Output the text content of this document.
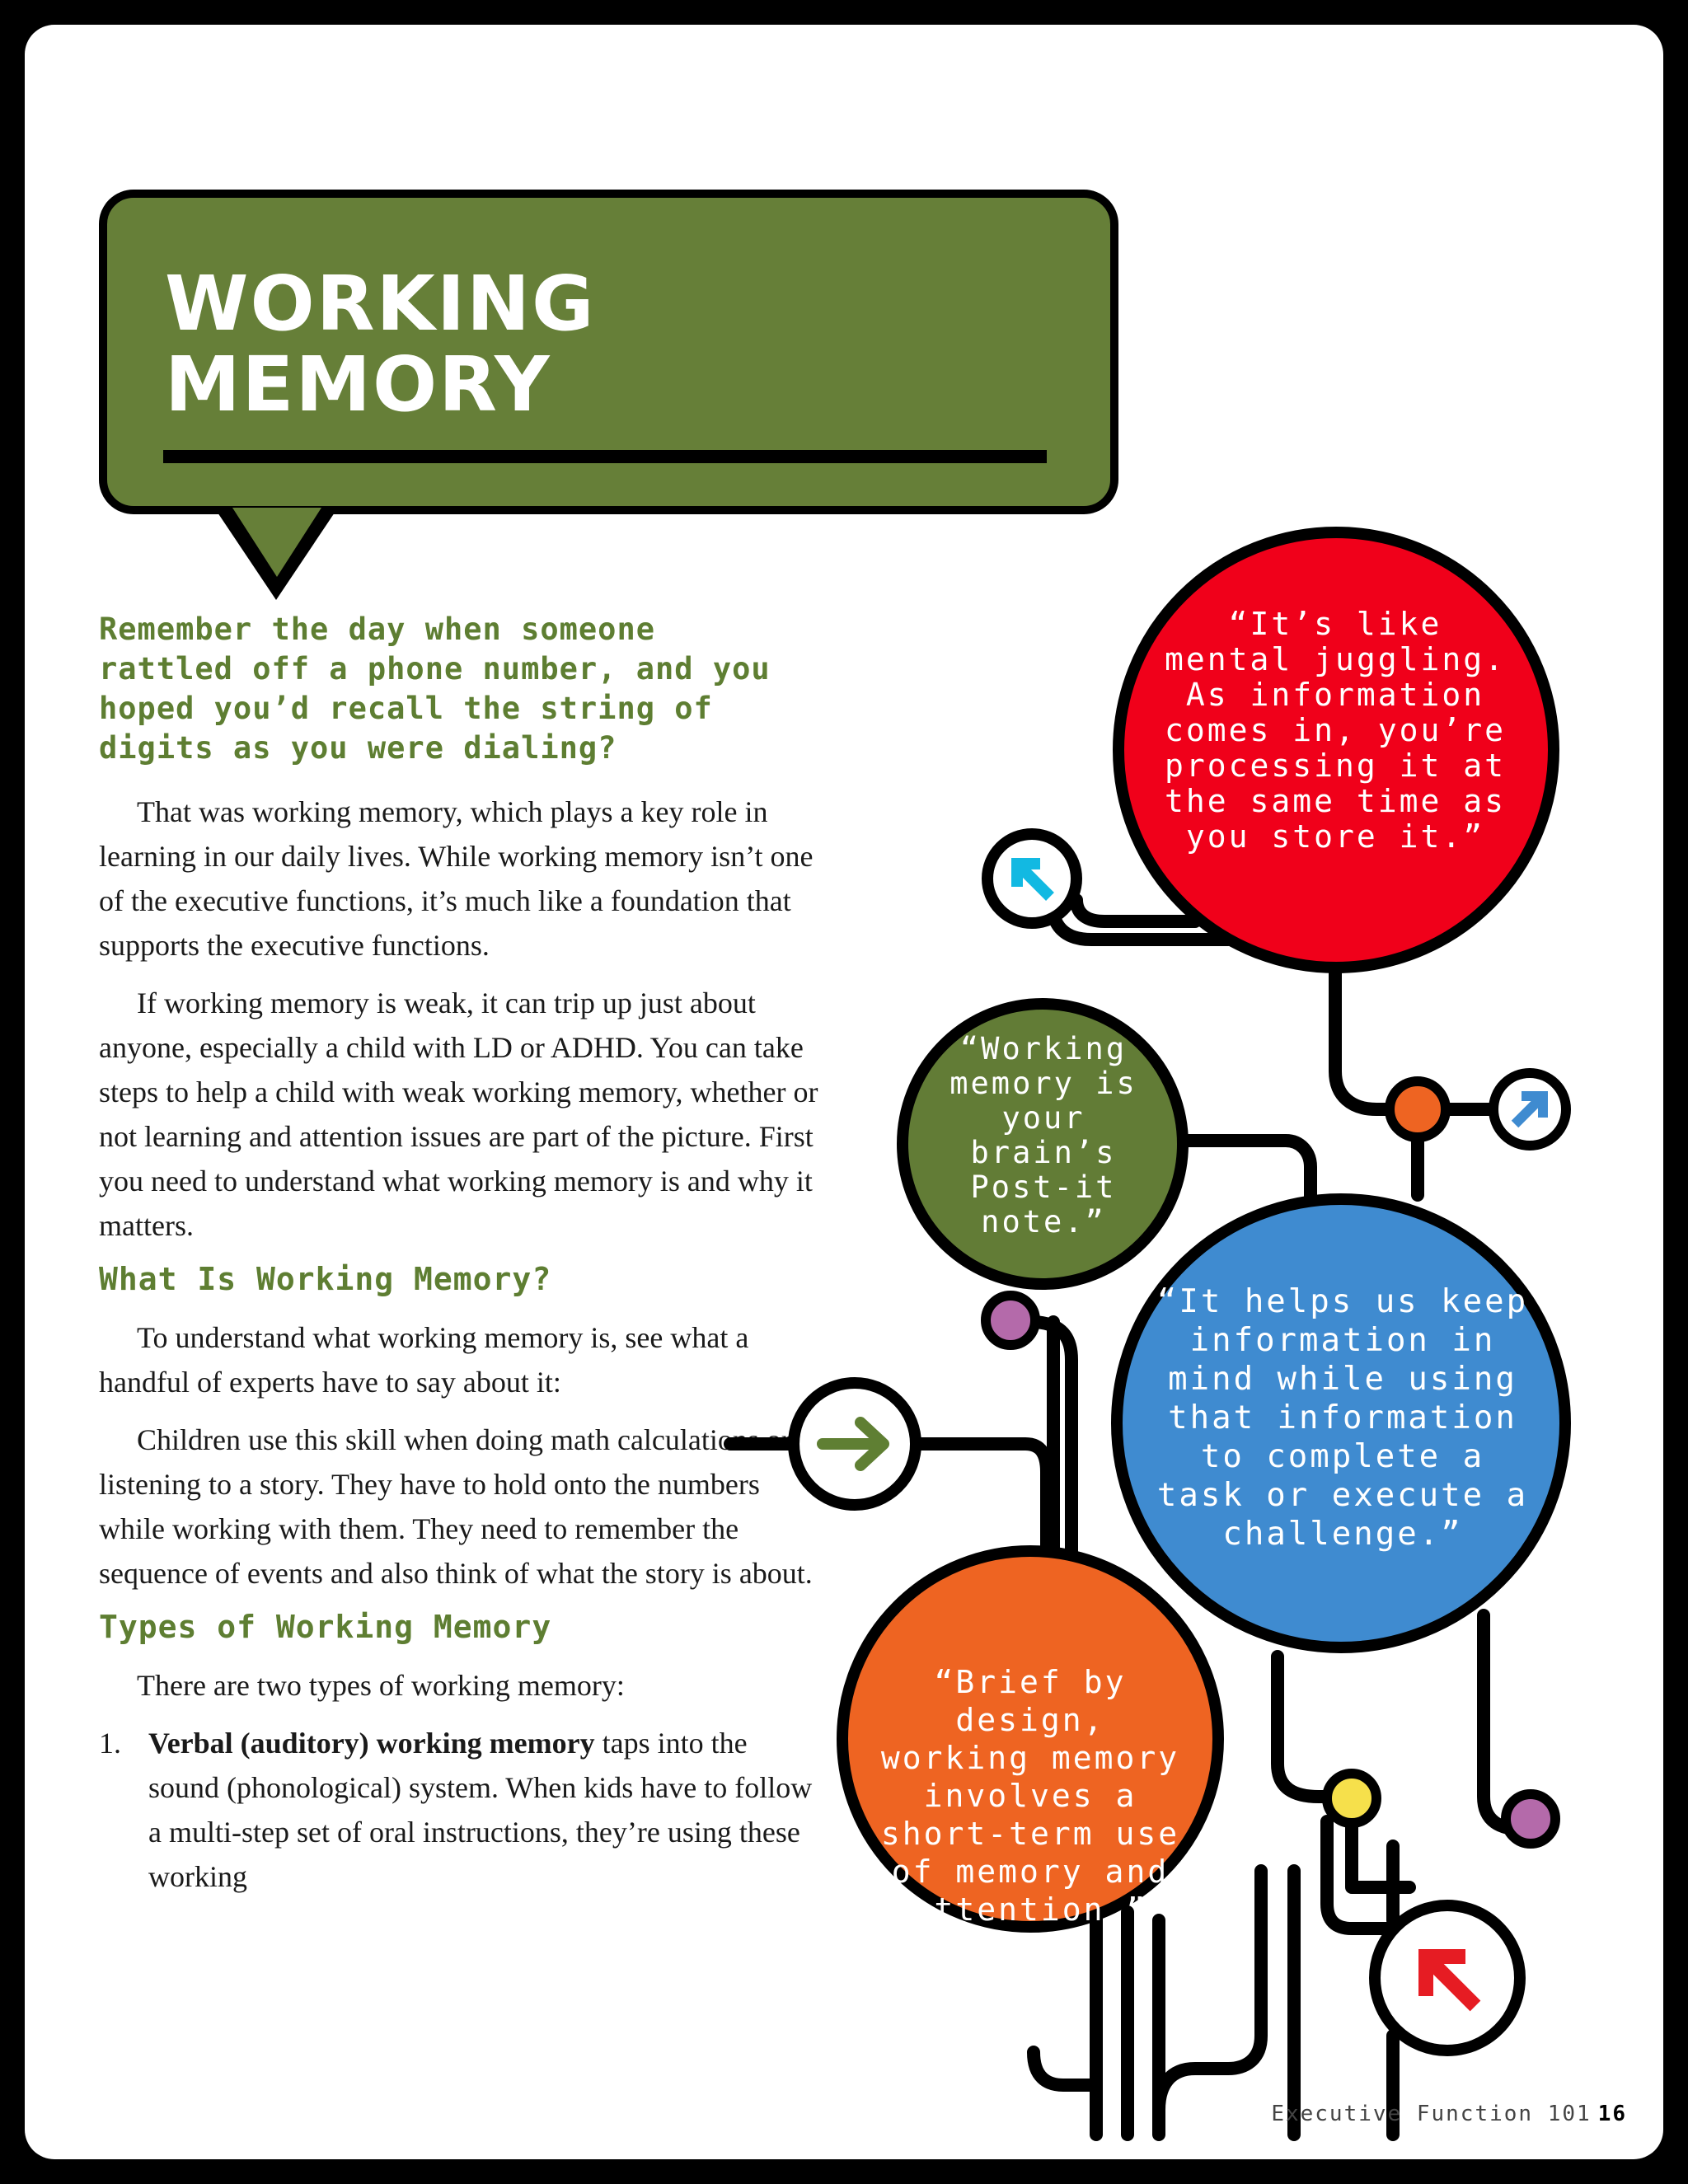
WORKING
MEMORY

Remember the day when someone rattled off a phone number, and you hoped you’d recall the string of digits as you were dialing?

That was working memory, which plays a key role in learning in our daily lives. While working memory isn’t one of the executive functions, it’s much like a foundation that supports the executive functions.

If working memory is weak, it can trip up just about anyone, especially a child with LD or ADHD. You can take steps to help a child with weak working memory, whether or not learning and attention issues are part of the picture. First you need to understand what working memory is and why it matters.

What Is Working Memory?

To understand what working memory is, see what a handful of experts have to say about it:

Children use this skill when doing math calculations or listening to a story. They have to hold onto the numbers while working with them. They need to remember the sequence of events and also think of what the story is about.

Types of Working Memory

There are two types of working memory:

1. Verbal (auditory) working memory taps into the sound (phonological) system. When kids have to follow a multi-step set of oral instructions, they’re using these working

“It’s like mental juggling. As information comes in, you’re processing it at the same time as you store it.”

“Working memory is your brain’s Post-it note.”

“It helps us keep information in mind while using that information to complete a task or execute a challenge.”

“Brief by design, working memory involves a short-term use of memory and attention.”

Executive Function 101 16
